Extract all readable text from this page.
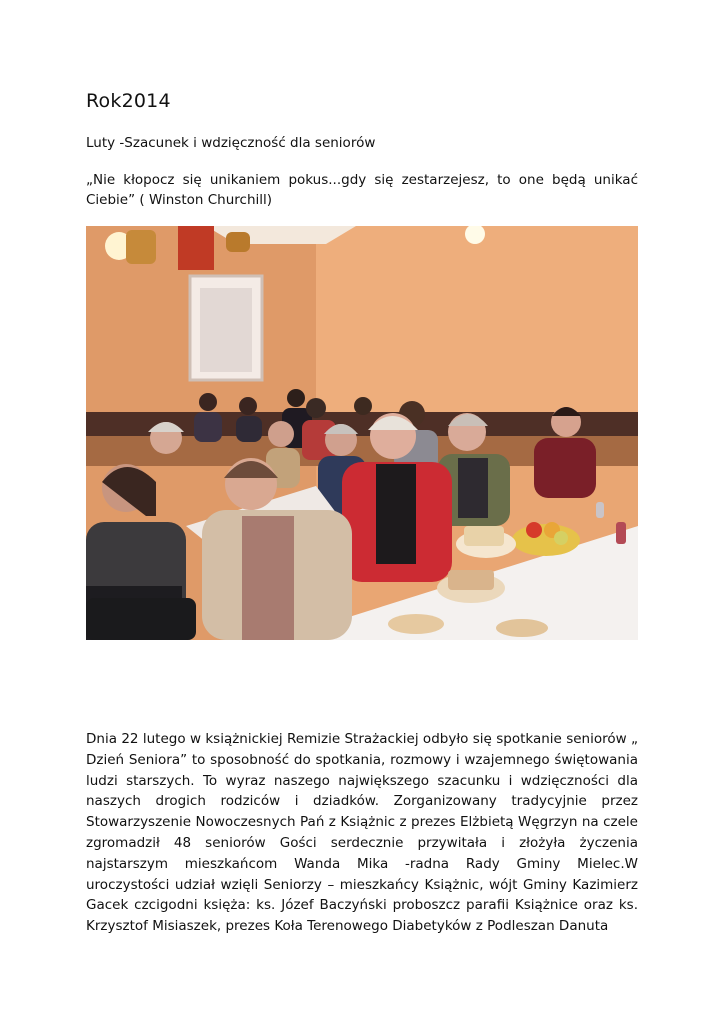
Rok2014
Luty -Szacunek i wdzięczność dla seniorów
„Nie kłopocz się unikaniem pokus...gdy się zestarzejesz, to one będą unikać Ciebie” ( Winston Churchill)

Dnia 22 lutego w książnickiej Remizie Strażackiej odbyło się spotkanie seniorów „ Dzień Seniora” to sposobność do spotkania, rozmowy i wzajemnego świętowania ludzi starszych. To wyraz naszego największego szacunku i wdzięczności dla naszych drogich rodziców i dziadków. Zorganizowany tradycyjnie przez Stowarzyszenie Nowoczesnych Pań z Książnic z prezes Elżbietą Węgrzyn na czele zgromadził 48 seniorów Gości serdecznie przywitała i złożyła życzenia najstarszym mieszkańcom Wanda Mika -radna Rady Gminy Mielec.W uroczystości udział wzięli Seniorzy – mieszkańcy Książnic, wójt Gminy Kazimierz Gacek czcigodni księża: ks. Józef Baczyński proboszcz parafii Książnice oraz ks. Krzysztof Misiaszek, prezes Koła Terenowego Diabetyków z Podleszan Danuta
